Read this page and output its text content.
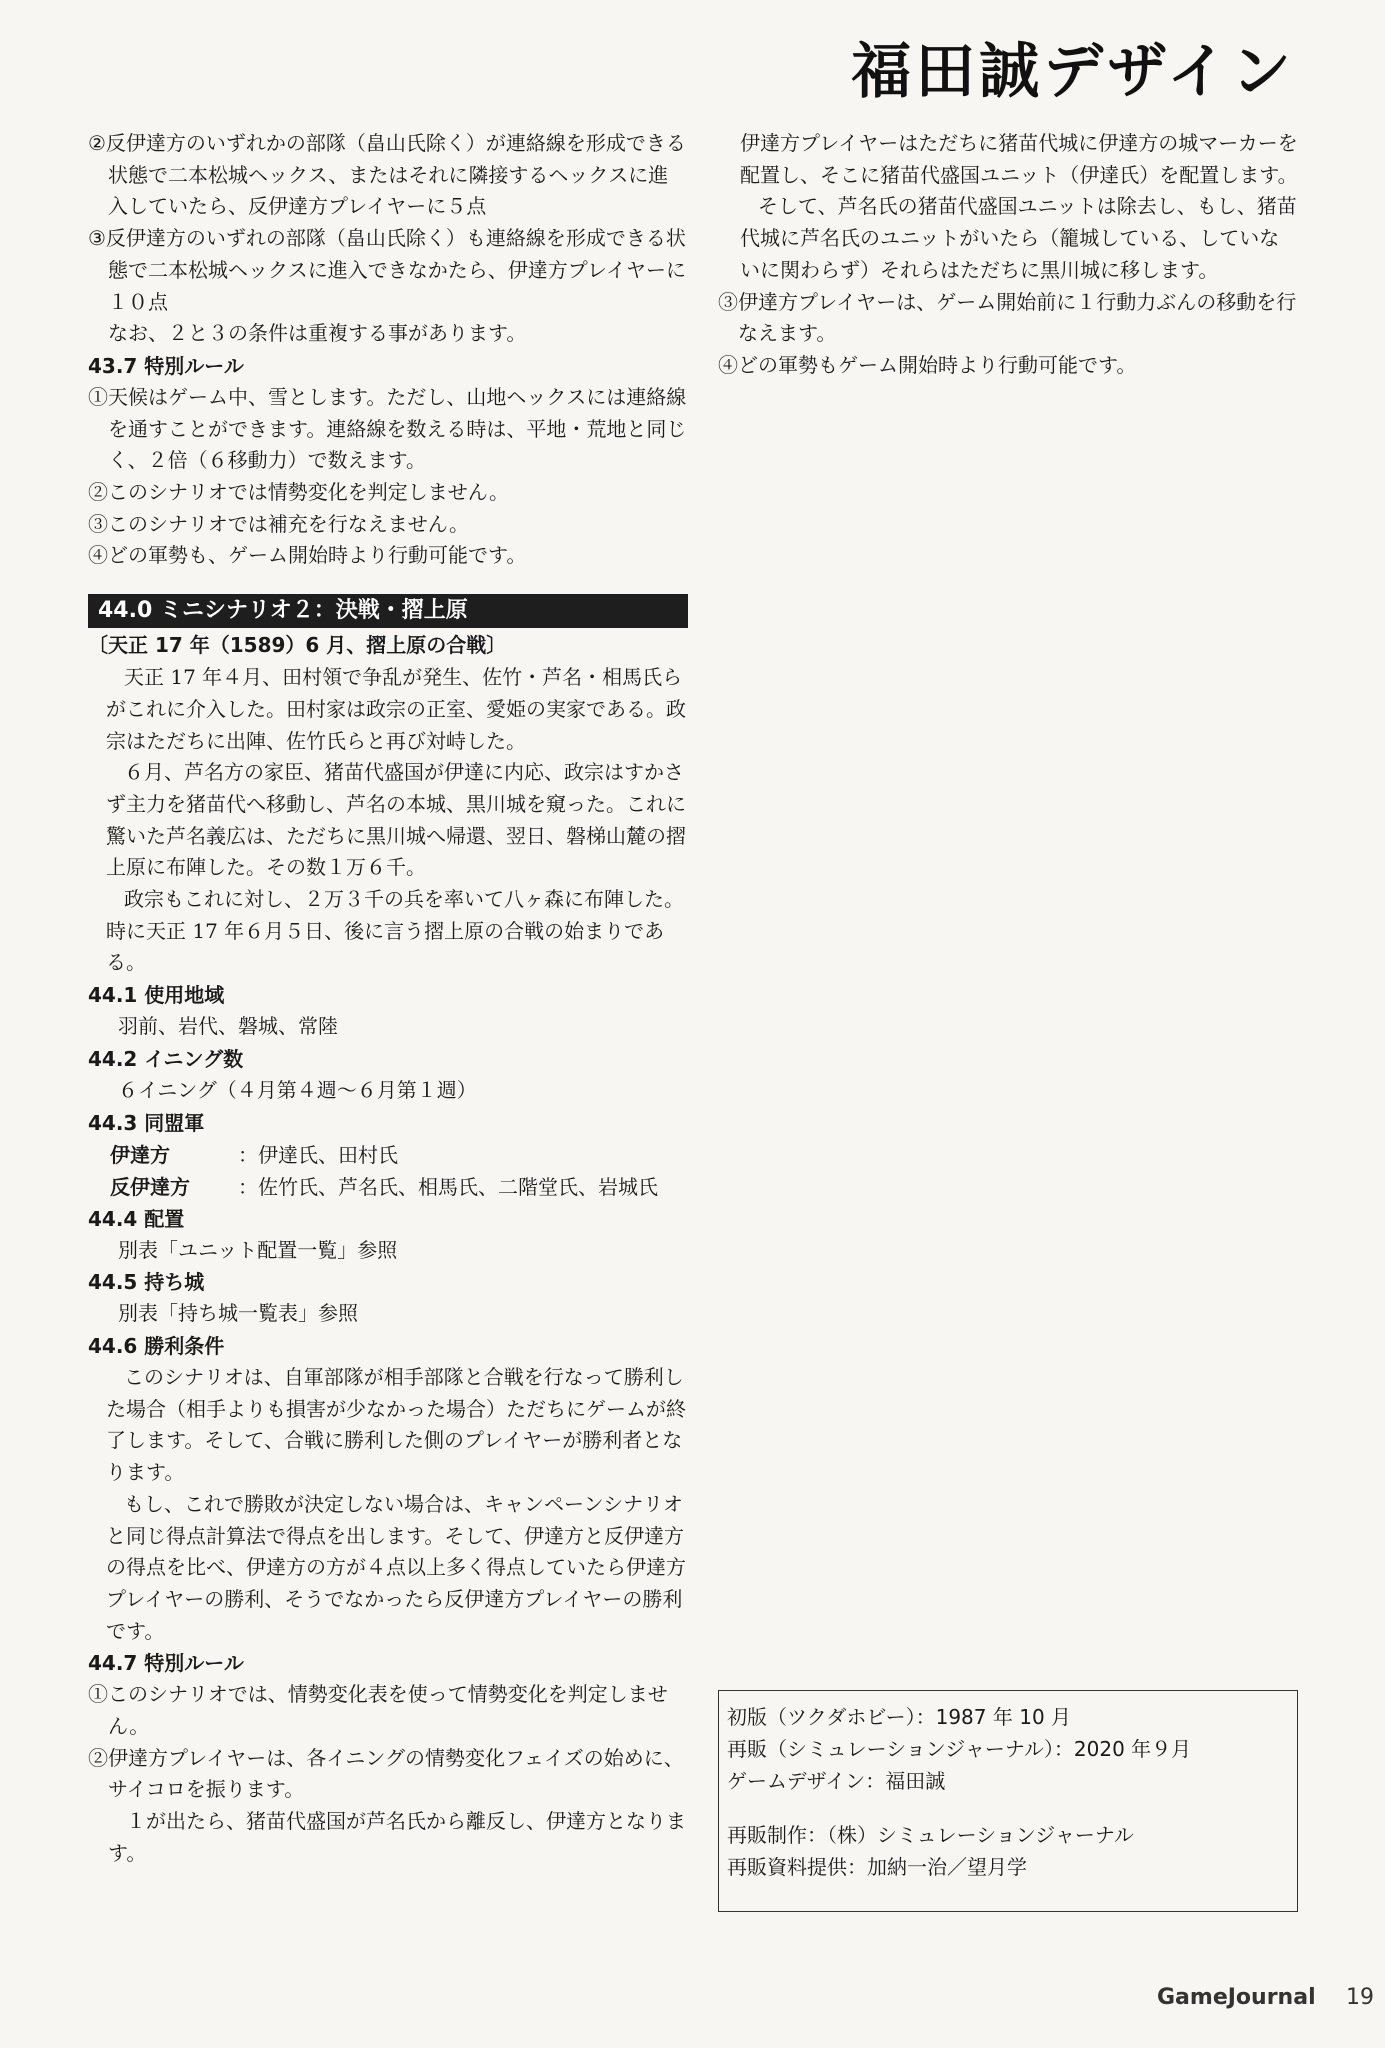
福田誠デザイン

②反伊達方のいずれかの部隊（畠山氏除く）が連絡線を形成できる状態で二本松城ヘックス、またはそれに隣接するヘックスに進入していたら、反伊達方プレイヤーに５点

③反伊達方のいずれの部隊（畠山氏除く）も連絡線を形成できる状態で二本松城ヘックスに進入できなかたら、伊達方プレイヤーに１０点

なお、２と３の条件は重複する事があります。

43.7 特別ルール

①天候はゲーム中、雪とします。ただし、山地ヘックスには連絡線を通すことができます。連絡線を数える時は、平地・荒地と同じく、２倍（６移動力）で数えます。

②このシナリオでは情勢変化を判定しません。

③このシナリオでは補充を行なえません。

④どの軍勢も、ゲーム開始時より行動可能です。

44.0 ミニシナリオ２：決戦・摺上原

〔天正 17 年（1589）6 月、摺上原の合戦〕

天正 17 年４月、田村領で争乱が発生、佐竹・芦名・相馬氏らがこれに介入した。田村家は政宗の正室、愛姫の実家である。政宗はただちに出陣、佐竹氏らと再び対峙した。

６月、芦名方の家臣、猪苗代盛国が伊達に内応、政宗はすかさず主力を猪苗代へ移動し、芦名の本城、黒川城を窺った。これに驚いた芦名義広は、ただちに黒川城へ帰還、翌日、磐梯山麓の摺上原に布陣した。その数１万６千。

政宗もこれに対し、２万３千の兵を率いて八ヶ森に布陣した。時に天正 17 年６月５日、後に言う摺上原の合戦の始まりである。

44.1 使用地域

羽前、岩代、磐城、常陸

44.2 イニング数

６イニング（４月第４週～６月第１週）

44.3 同盟軍

伊達方　	：伊達氏、田村氏
反伊達方	：佐竹氏、芦名氏、相馬氏、二階堂氏、岩城氏

44.4 配置

別表「ユニット配置一覧」参照

44.5 持ち城

別表「持ち城一覧表」参照

44.6 勝利条件

このシナリオは、自軍部隊が相手部隊と合戦を行なって勝利した場合（相手よりも損害が少なかった場合）ただちにゲームが終了します。そして、合戦に勝利した側のプレイヤーが勝利者となります。

もし、これで勝敗が決定しない場合は、キャンペーンシナリオと同じ得点計算法で得点を出します。そして、伊達方と反伊達方の得点を比べ、伊達方の方が４点以上多く得点していたら伊達方プレイヤーの勝利、そうでなかったら反伊達方プレイヤーの勝利です。

44.7 特別ルール

①このシナリオでは、情勢変化表を使って情勢変化を判定しません。

②伊達方プレイヤーは、各イニングの情勢変化フェイズの始めに、サイコロを振ります。

１が出たら、猪苗代盛国が芦名氏から離反し、伊達方となります。

伊達方プレイヤーはただちに猪苗代城に伊達方の城マーカーを配置し、そこに猪苗代盛国ユニット（伊達氏）を配置します。

そして、芦名氏の猪苗代盛国ユニットは除去し、もし、猪苗代城に芦名氏のユニットがいたら（籠城している、していないに関わらず）それらはただちに黒川城に移します。

③伊達方プレイヤーは、ゲーム開始前に１行動力ぶんの移動を行なえます。

④どの軍勢もゲーム開始時より行動可能です。

初版（ツクダホビー）：1987 年 10 月
再販（シミュレーションジャーナル）：2020 年９月
ゲームデザイン：福田誠
再販制作：（株）シミュレーションジャーナル
再販資料提供：加納一治／望月学
GameJournal 19
